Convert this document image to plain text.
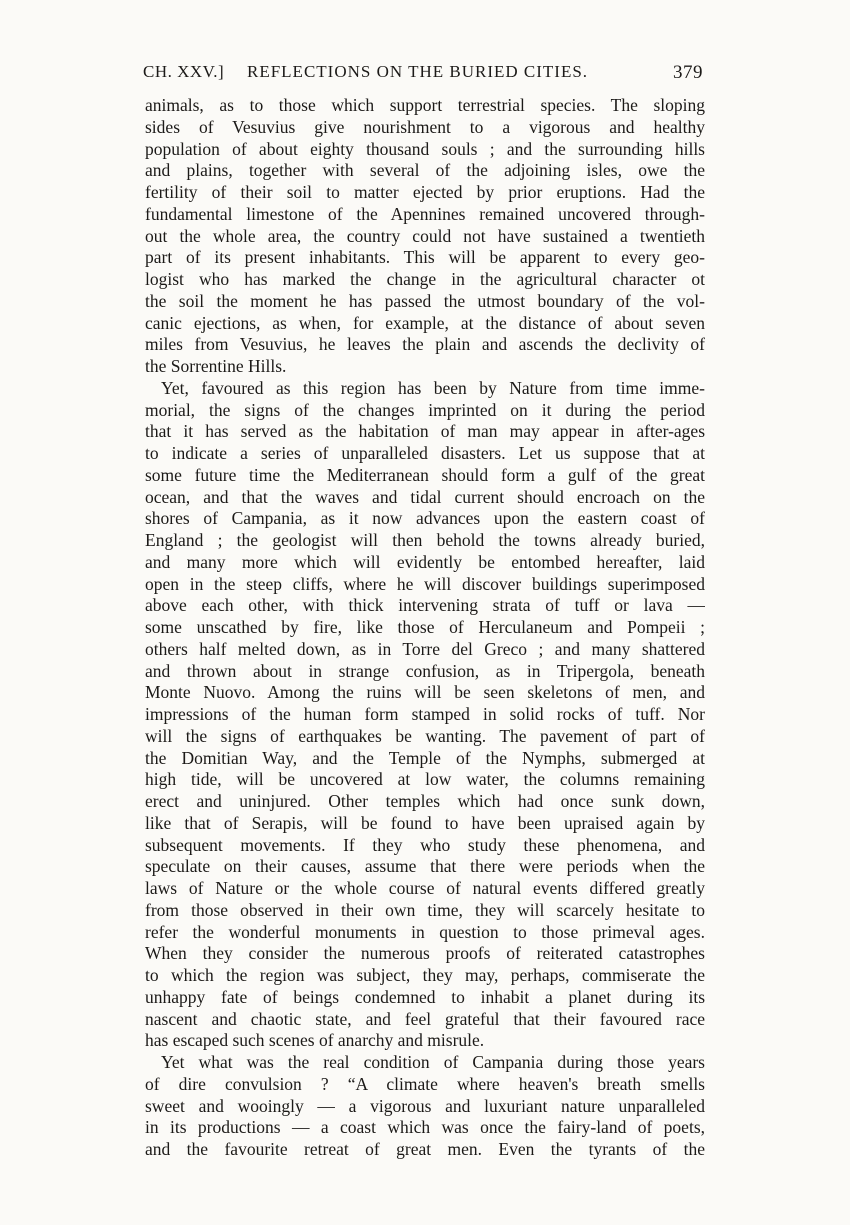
CH. XXV.] REFLECTIONS ON THE BURIED CITIES.	379
animals, as to those which support terrestrial species. The sloping
sides of Vesuvius give nourishment to a vigorous and healthy
population of about eighty thousand souls ; and the surrounding hills
and plains, together with several of the adjoining isles, owe the
fertility of their soil to matter ejected by prior eruptions. Had the
fundamental limestone of the Apennines remained uncovered through-
out the whole area, the country could not have sustained a twentieth
part of its present inhabitants. This will be apparent to every geo-
logist who has marked the change in the agricultural character ot
the soil the moment he has passed the utmost boundary of the vol-
canic ejections, as when, for example, at the distance of about seven
miles from Vesuvius, he leaves the plain and ascends the declivity of
the Sorrentine Hills.
Yet, favoured as this region has been by Nature from time imme-
morial, the signs of the changes imprinted on it during the period
that it has served as the habitation of man may appear in after-ages
to indicate a series of unparalleled disasters. Let us suppose that at
some future time the Mediterranean should form a gulf of the great
ocean, and that the waves and tidal current should encroach on the
shores of Campania, as it now advances upon the eastern coast of
England ; the geologist will then behold the towns already buried,
and many more which will evidently be entombed hereafter, laid
open in the steep cliffs, where he will discover buildings superimposed
above each other, with thick intervening strata of tuff or lava —
some unscathed by fire, like those of Herculaneum and Pompeii ;
others half melted down, as in Torre del Greco ; and many shattered
and thrown about in strange confusion, as in Tripergola, beneath
Monte Nuovo. Among the ruins will be seen skeletons of men, and
impressions of the human form stamped in solid rocks of tuff. Nor
will the signs of earthquakes be wanting. The pavement of part of
the Domitian Way, and the Temple of the Nymphs, submerged at
high tide, will be uncovered at low water, the columns remaining
erect and uninjured. Other temples which had once sunk down,
like that of Serapis, will be found to have been upraised again by
subsequent movements. If they who study these phenomena, and
speculate on their causes, assume that there were periods when the
laws of Nature or the whole course of natural events differed greatly
from those observed in their own time, they will scarcely hesitate to
refer the wonderful monuments in question to those primeval ages.
When they consider the numerous proofs of reiterated catastrophes
to which the region was subject, they may, perhaps, commiserate the
unhappy fate of beings condemned to inhabit a planet during its
nascent and chaotic state, and feel grateful that their favoured race
has escaped such scenes of anarchy and misrule.
Yet what was the real condition of Campania during those years
of dire convulsion ? “A climate where heaven's breath smells
sweet and wooingly — a vigorous and luxuriant nature unparalleled
in its productions — a coast which was once the fairy-land of poets,
and the favourite retreat of great men. Even the tyrants of the
